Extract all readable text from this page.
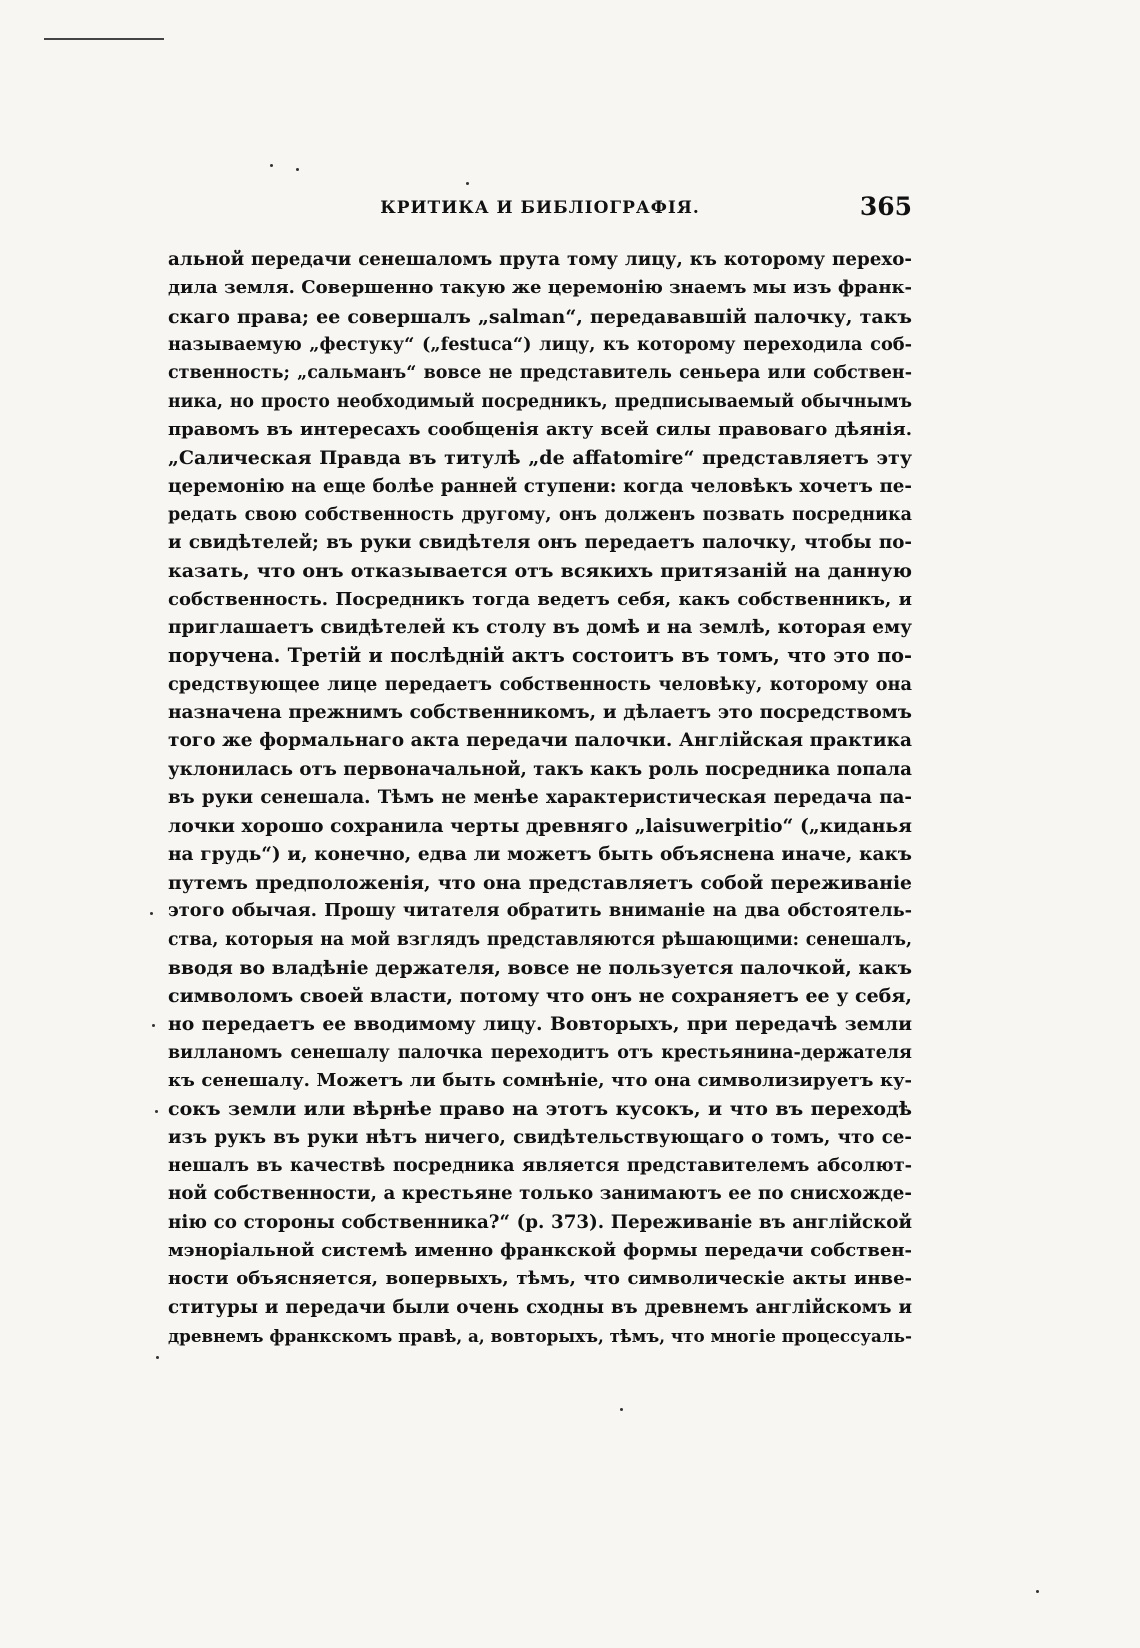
КРИТИКА И БИБЛІОГРАФІЯ.	365
альной передачи сенешаломъ прута тому лицу, къ которому перехо-
дила земля. Совершенно такую же церемонію знаемъ мы изъ франк-
скаго права; ее совершалъ „salman“, передававшій палочку, такъ
называемую „фестуку“ („festuca“) лицу, къ которому переходила соб-
ственность; „сальманъ“ вовсе не представитель сеньера или собствен-
ника, но просто необходимый посредникъ, предписываемый обычнымъ
правомъ въ интересахъ сообщенія акту всей силы правоваго дѣянія.
„Салическая Правда въ титулѣ „de affatomire“ представляетъ эту
церемонію на еще болѣе ранней ступени: когда человѣкъ хочетъ пе-
редать свою собственность другому, онъ долженъ позвать посредника
и свидѣтелей; въ руки свидѣтеля онъ передаетъ палочку, чтобы по-
казать, что онъ отказывается отъ всякихъ притязаній на данную
собственность. Посредникъ тогда ведетъ себя, какъ собственникъ, и
приглашаетъ свидѣтелей къ столу въ домѣ и на землѣ, которая ему
поручена. Третій и послѣдній актъ состоитъ въ томъ, что это по-
средствующее лице передаетъ собственность человѣку, которому она
назначена прежнимъ собственникомъ, и дѣлаетъ это посредствомъ
того же формальнаго акта передачи палочки. Англійская практика
уклонилась отъ первоначальной, такъ какъ роль посредника попала
въ руки сенешала. Тѣмъ не менѣе характеристическая передача па-
лочки хорошо сохранила черты древняго „laisuwerpitio“ („киданья
на грудь“) и, конечно, едва ли можетъ быть объяснена иначе, какъ
путемъ предположенія, что она представляетъ собой переживаніе
этого обычая. Прошу читателя обратить вниманіе на два обстоятель-
ства, которыя на мой взглядъ представляются рѣшающими: сенешалъ,
вводя во владѣніе держателя, вовсе не пользуется палочкой, какъ
символомъ своей власти, потому что онъ не сохраняетъ ее у себя,
но передаетъ ее вводимому лицу. Вовторыхъ, при передачѣ земли
вилланомъ сенешалу палочка переходитъ отъ крестьянина-держателя
къ сенешалу. Можетъ ли быть сомнѣніе, что она символизируетъ ку-
сокъ земли или вѣрнѣе право на этотъ кусокъ, и что въ переходѣ
изъ рукъ въ руки нѣтъ ничего, свидѣтельствующаго о томъ, что се-
нешалъ въ качествѣ посредника является представителемъ абсолют-
ной собственности, а крестьяне только занимаютъ ее по снисхожде-
нію со стороны собственника?“ (p. 373). Переживаніе въ англійской
мэноріальной системѣ именно франкской формы передачи собствен-
ности объясняется, вопервыхъ, тѣмъ, что символическіе акты инве-
ституры и передачи были очень сходны въ древнемъ англійскомъ и
древнемъ франкскомъ правѣ, а, вовторыхъ, тѣмъ, что многіе процессуаль-
